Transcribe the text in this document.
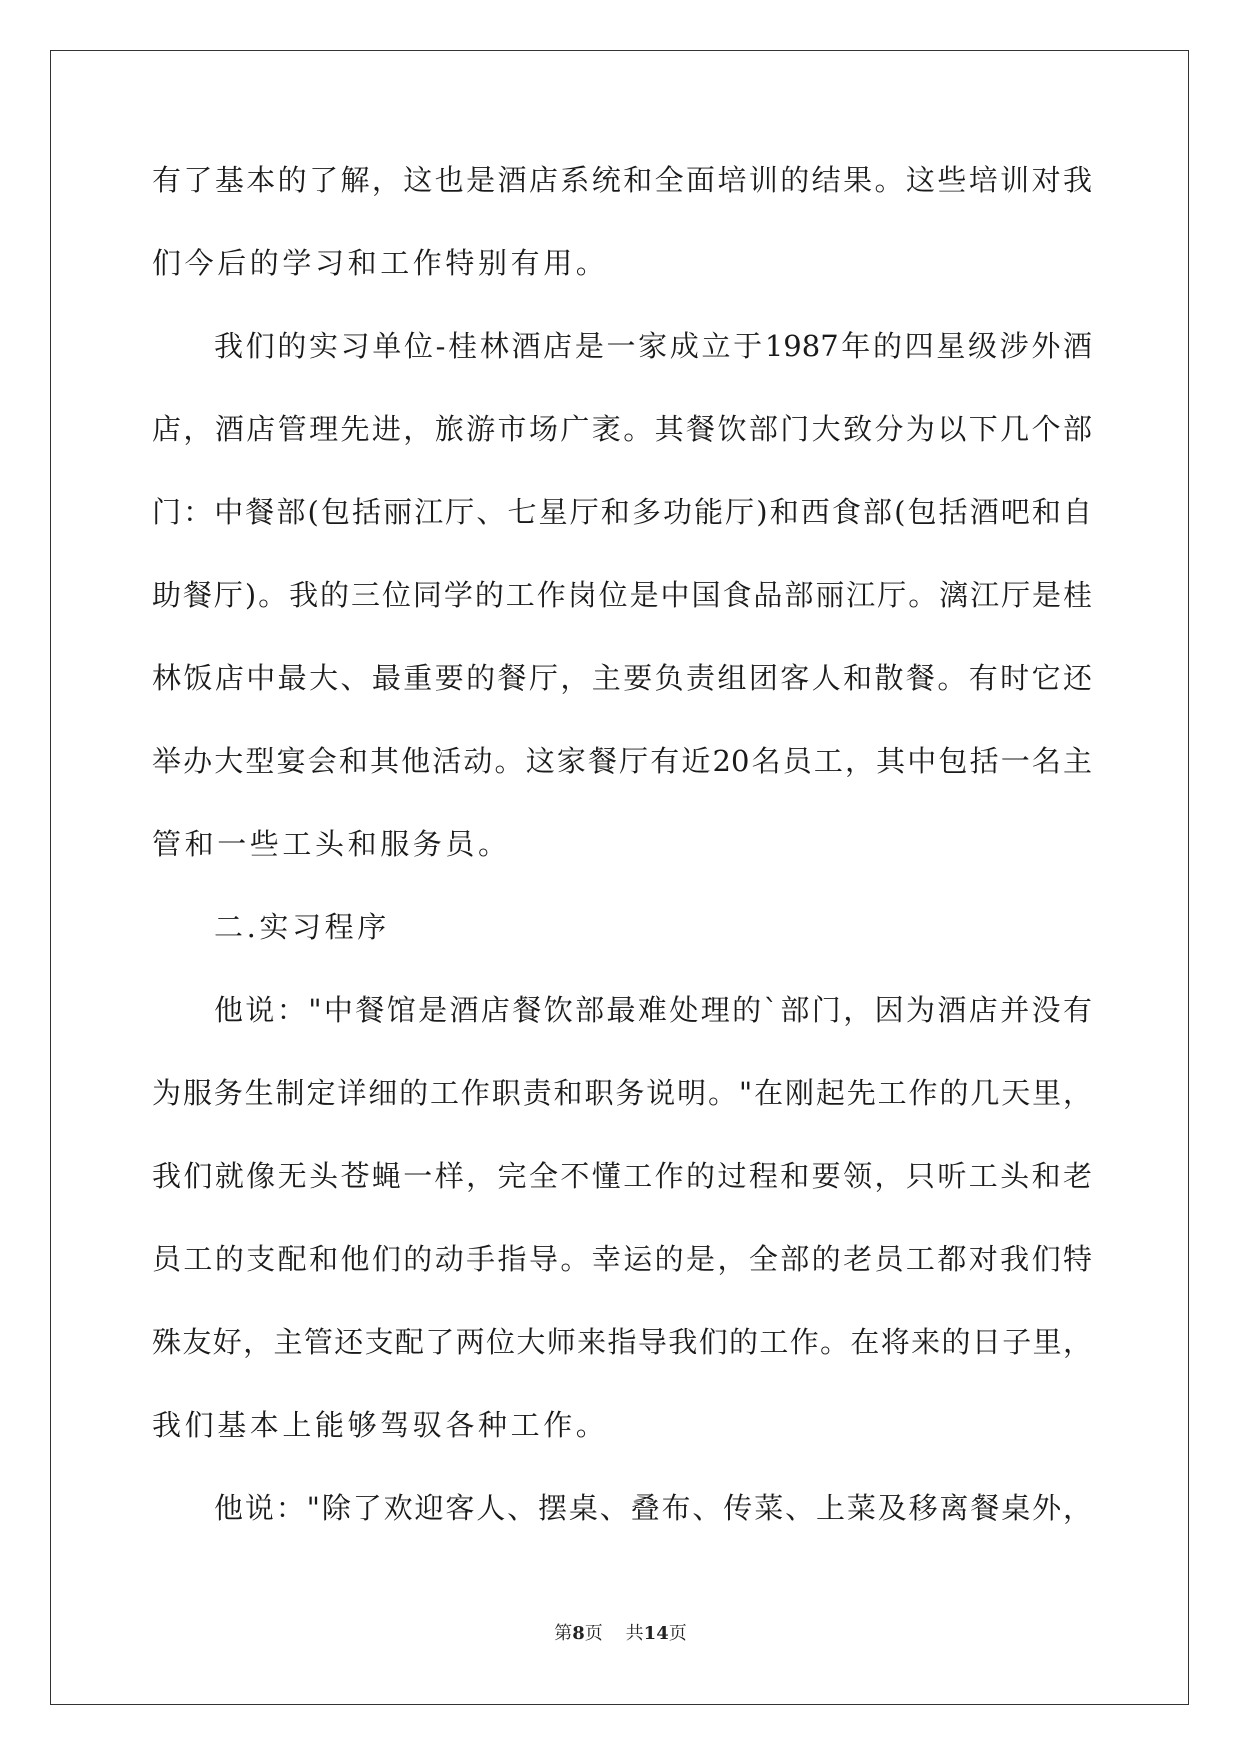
有了基本的了解，这也是酒店系统和全面培训的结果。这些培训对我
们今后的学习和工作特别有用。
我们的实习单位-桂林酒店是一家成立于1987年的四星级涉外酒
店，酒店管理先进，旅游市场广袤。其餐饮部门大致分为以下几个部
门：中餐部(包括丽江厅、七星厅和多功能厅)和西食部(包括酒吧和自
助餐厅)。我的三位同学的工作岗位是中国食品部丽江厅。漓江厅是桂
林饭店中最大、最重要的餐厅，主要负责组团客人和散餐。有时它还
举办大型宴会和其他活动。这家餐厅有近20名员工，其中包括一名主
管和一些工头和服务员。
二.实习程序
他说："中餐馆是酒店餐饮部最难处理的`部门，因为酒店并没有
为服务生制定详细的工作职责和职务说明。"在刚起先工作的几天里，
我们就像无头苍蝇一样，完全不懂工作的过程和要领，只听工头和老
员工的支配和他们的动手指导。幸运的是，全部的老员工都对我们特
殊友好，主管还支配了两位大师来指导我们的工作。在将来的日子里，
我们基本上能够驾驭各种工作。
他说："除了欢迎客人、摆桌、叠布、传菜、上菜及移离餐桌外，
第8页 共14页
